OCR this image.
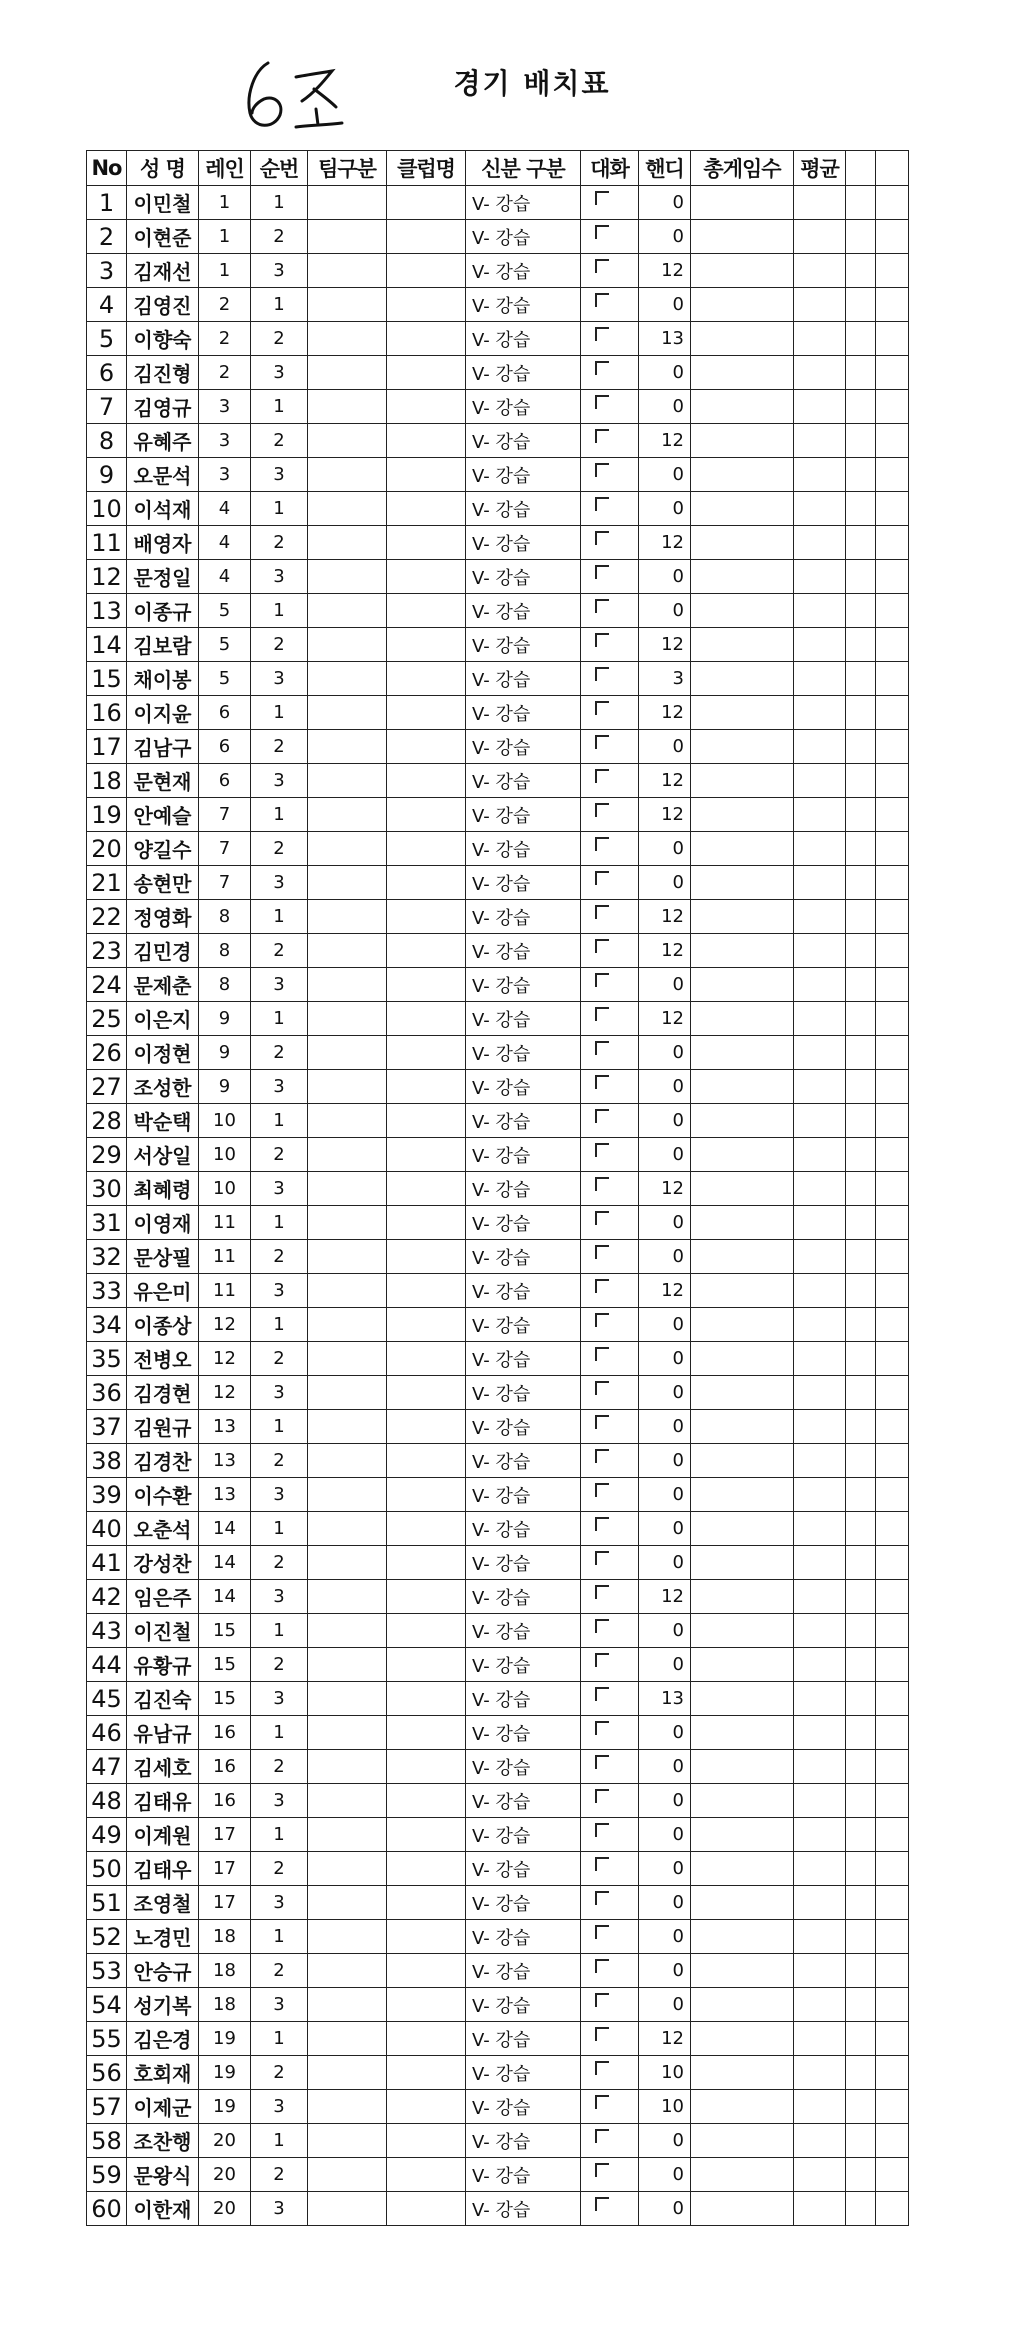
경기 배치표
No	성 명	레인	순번	팀구분	클럽명	신분 구분	대화	핸디	총게임수	평균		
1	이민철	1	1			V- 강습		0				
2	이현준	1	2			V- 강습		0				
3	김재선	1	3			V- 강습		12				
4	김영진	2	1			V- 강습		0				
5	이향숙	2	2			V- 강습		13				
6	김진형	2	3			V- 강습		0				
7	김영규	3	1			V- 강습		0				
8	유혜주	3	2			V- 강습		12				
9	오문석	3	3			V- 강습		0				
10	이석재	4	1			V- 강습		0				
11	배영자	4	2			V- 강습		12				
12	문정일	4	3			V- 강습		0				
13	이종규	5	1			V- 강습		0				
14	김보람	5	2			V- 강습		12				
15	채이봉	5	3			V- 강습		3				
16	이지윤	6	1			V- 강습		12				
17	김남구	6	2			V- 강습		0				
18	문현재	6	3			V- 강습		12				
19	안예슬	7	1			V- 강습		12				
20	양길수	7	2			V- 강습		0				
21	송현만	7	3			V- 강습		0				
22	정영화	8	1			V- 강습		12				
23	김민경	8	2			V- 강습		12				
24	문제춘	8	3			V- 강습		0				
25	이은지	9	1			V- 강습		12				
26	이정현	9	2			V- 강습		0				
27	조성한	9	3			V- 강습		0				
28	박순택	10	1			V- 강습		0				
29	서상일	10	2			V- 강습		0				
30	최혜령	10	3			V- 강습		12				
31	이영재	11	1			V- 강습		0				
32	문상필	11	2			V- 강습		0				
33	유은미	11	3			V- 강습		12				
34	이종상	12	1			V- 강습		0				
35	전병오	12	2			V- 강습		0				
36	김경현	12	3			V- 강습		0				
37	김원규	13	1			V- 강습		0				
38	김경찬	13	2			V- 강습		0				
39	이수환	13	3			V- 강습		0				
40	오춘석	14	1			V- 강습		0				
41	강성찬	14	2			V- 강습		0				
42	임은주	14	3			V- 강습		12				
43	이진철	15	1			V- 강습		0				
44	유황규	15	2			V- 강습		0				
45	김진숙	15	3			V- 강습		13				
46	유남규	16	1			V- 강습		0				
47	김세호	16	2			V- 강습		0				
48	김태유	16	3			V- 강습		0				
49	이계원	17	1			V- 강습		0				
50	김태우	17	2			V- 강습		0				
51	조영철	17	3			V- 강습		0				
52	노경민	18	1			V- 강습		0				
53	안승규	18	2			V- 강습		0				
54	성기복	18	3			V- 강습		0				
55	김은경	19	1			V- 강습		12				
56	호회재	19	2			V- 강습		10				
57	이제군	19	3			V- 강습		10				
58	조찬행	20	1			V- 강습		0				
59	문왕식	20	2			V- 강습		0				
60	이한재	20	3			V- 강습		0				
